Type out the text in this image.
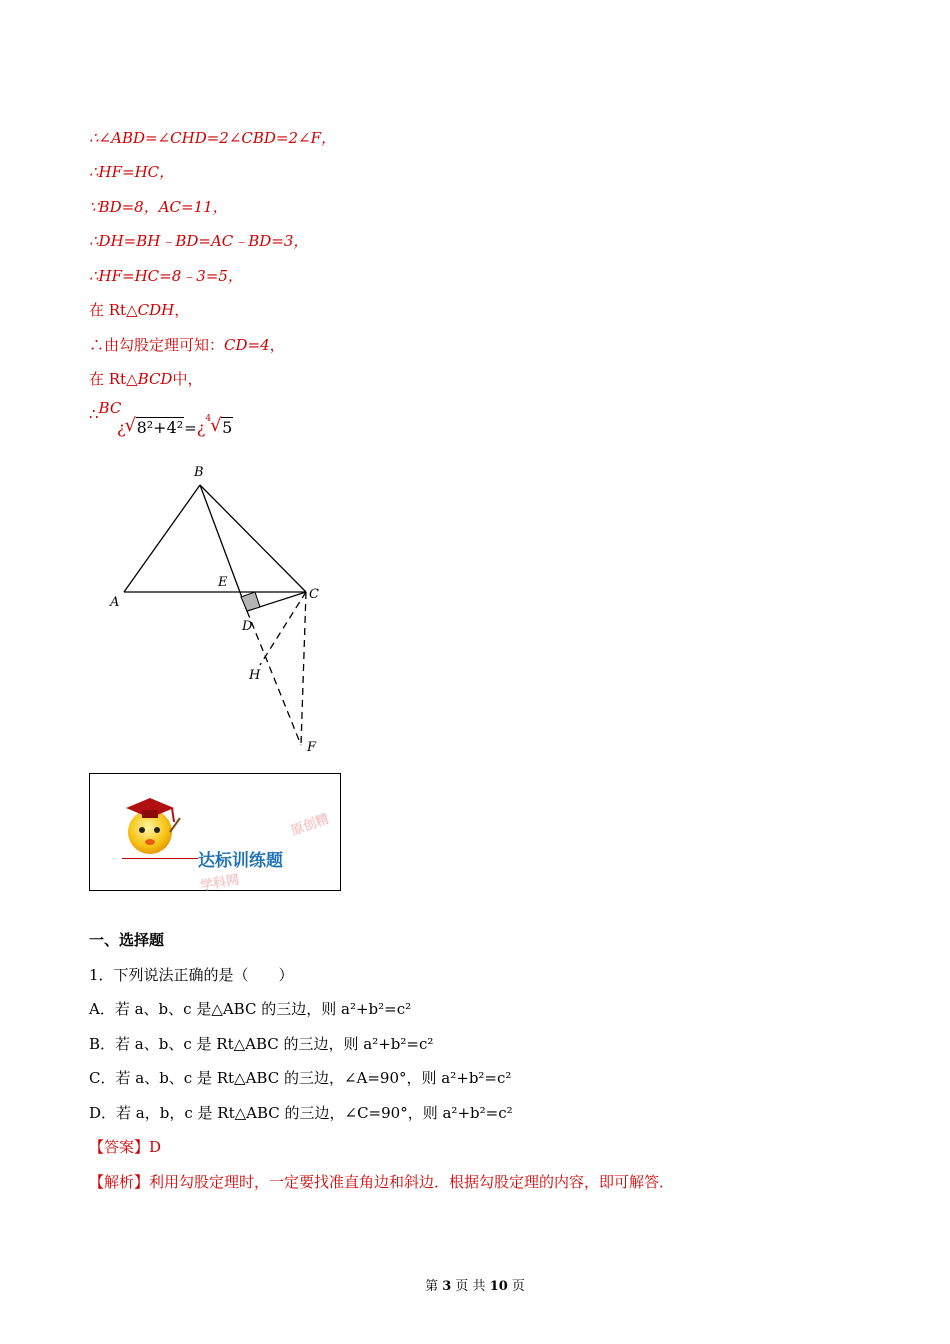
∴∠ABD=∠CHD=2∠CBD=2∠F，
∴HF=HC，
∵BD=8，AC=11，
∴DH=BH﹣BD=AC﹣BD=3，
∴HF=HC=8﹣3=5，
在 Rt△CDH，
∴由勾股定理可知：CD=4，
在 Rt△BCD中，
∴BC
¿ √ 8²+4²=¿$^4$ √ 5
B
A
E
C
D
H
F
达标训练题
原创精
学科网
一、选择题
1．下列说法正确的是（　　）
A．若 a、b、c 是△ABC 的三边，则 a²+b²=c²
B．若 a、b、c 是 Rt△ABC 的三边，则 a²+b²=c²
C．若 a、b、c 是 Rt△ABC 的三边，∠A=90°，则 a²+b²=c²
D．若 a，b，c 是 Rt△ABC 的三边，∠C=90°，则 a²+b²=c²
【答案】D
【解析】利用勾股定理时，一定要找准直角边和斜边．根据勾股定理的内容，即可解答．
第 3 页 共 10 页
